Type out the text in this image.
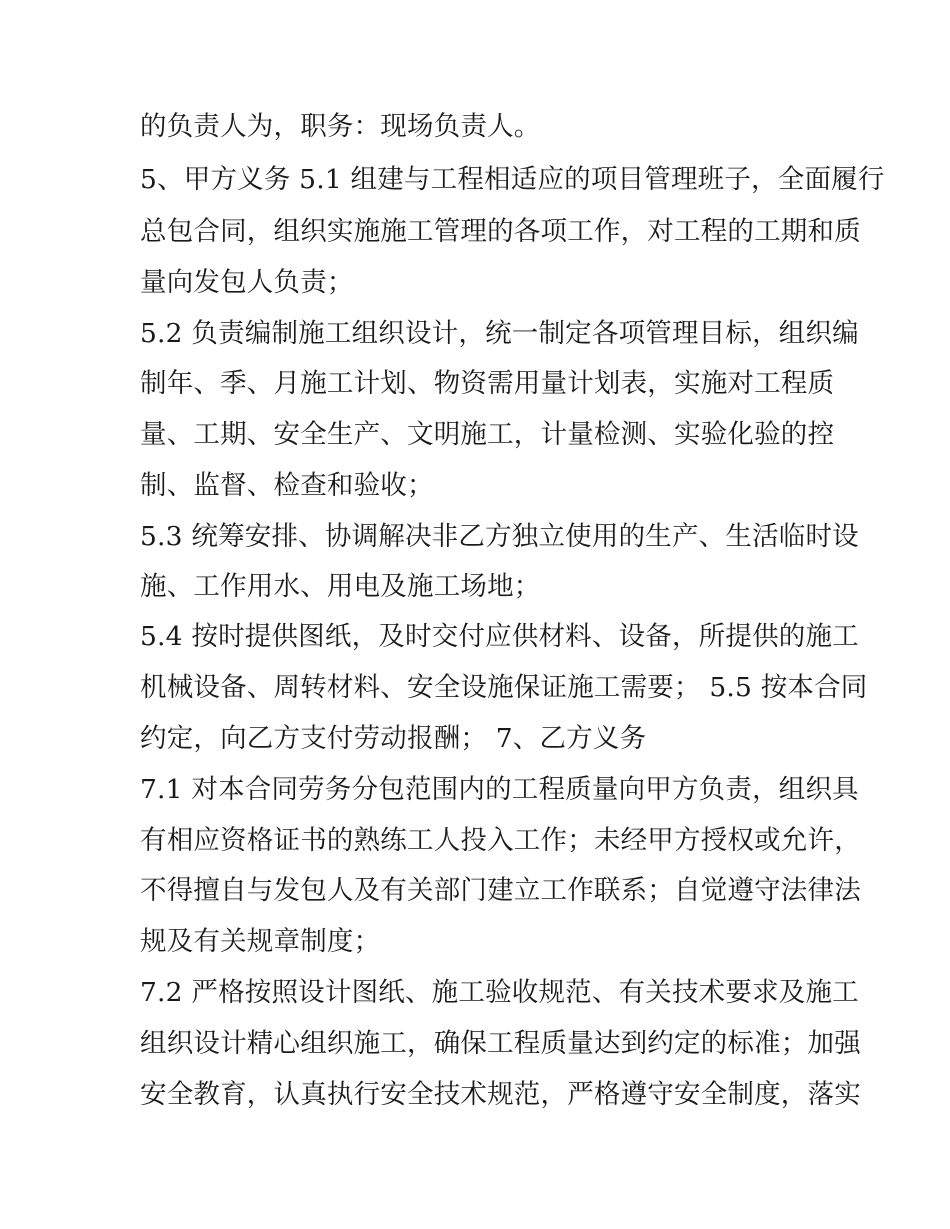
的负责人为，职务：现场负责人。
5、甲方义务 5.1 组建与工程相适应的项目管理班子，全面履行
总包合同，组织实施施工管理的各项工作，对工程的工期和质
量向发包人负责；
5.2 负责编制施工组织设计，统一制定各项管理目标，组织编
制年、季、月施工计划、物资需用量计划表，实施对工程质
量、工期、安全生产、文明施工，计量检测、实验化验的控
制、监督、检查和验收；
5.3 统筹安排、协调解决非乙方独立使用的生产、生活临时设
施、工作用水、用电及施工场地；
5.4 按时提供图纸，及时交付应供材料、设备，所提供的施工
机械设备、周转材料、安全设施保证施工需要； 5.5 按本合同
约定，向乙方支付劳动报酬； 7、乙方义务
7.1 对本合同劳务分包范围内的工程质量向甲方负责，组织具
有相应资格证书的熟练工人投入工作；未经甲方授权或允许，
不得擅自与发包人及有关部门建立工作联系；自觉遵守法律法
规及有关规章制度；
7.2 严格按照设计图纸、施工验收规范、有关技术要求及施工
组织设计精心组织施工，确保工程质量达到约定的标准；加强
安全教育，认真执行安全技术规范，严格遵守安全制度，落实
